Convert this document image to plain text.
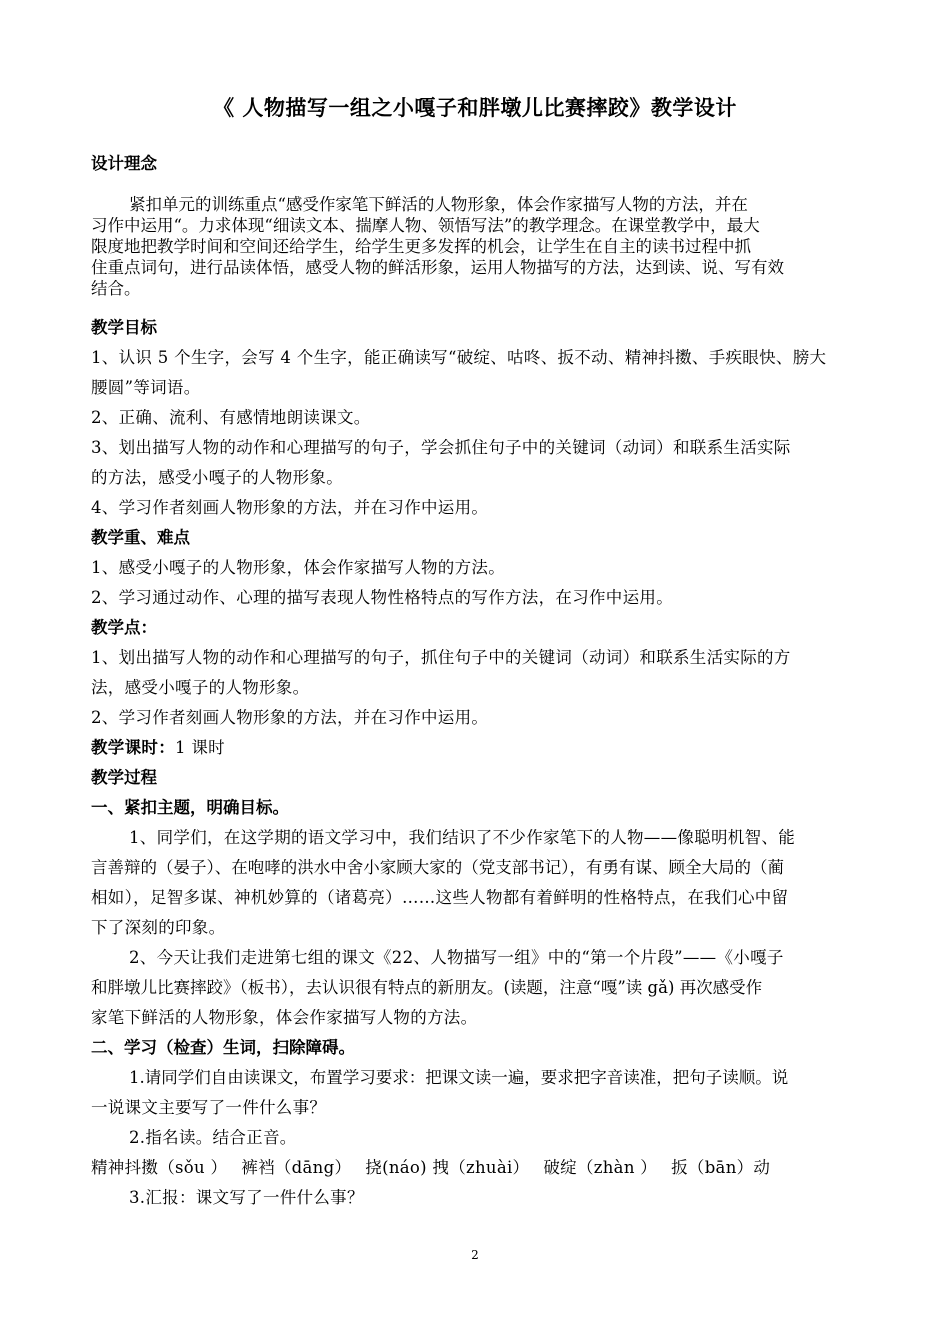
《 人物描写一组之小嘎子和胖墩儿比赛摔跤》教学设计
设计理念
紧扣单元的训练重点“感受作家笔下鲜活的人物形象，体会作家描写人物的方法，并在
习作中运用“。力求体现“细读文本、揣摩人物、领悟写法”的教学理念。在课堂教学中，最大
限度地把教学时间和空间还给学生，给学生更多发挥的机会，让学生在自主的读书过程中抓
住重点词句，进行品读体悟，感受人物的鲜活形象，运用人物描写的方法，达到读、说、写有效
结合。
教学目标
1、认识 5 个生字，会写 4 个生字，能正确读写“破绽、咕咚、扳不动、精神抖擞、手疾眼快、膀大
腰圆”等词语。
2、正确、流利、有感情地朗读课文。
3、划出描写人物的动作和心理描写的句子，学会抓住句子中的关键词（动词）和联系生活实际
的方法，感受小嘎子的人物形象。
4、学习作者刻画人物形象的方法，并在习作中运用。
教学重、难点
1、感受小嘎子的人物形象，体会作家描写人物的方法。
2、学习通过动作、心理的描写表现人物性格特点的写作方法，在习作中运用。
教学点：
1、划出描写人物的动作和心理描写的句子，抓住句子中的关键词（动词）和联系生活实际的方
法，感受小嘎子的人物形象。
2、学习作者刻画人物形象的方法，并在习作中运用。
教学课时：1 课时
教学过程
一、紧扣主题，明确目标。
1、同学们，在这学期的语文学习中，我们结识了不少作家笔下的人物——像聪明机智、能
言善辩的（晏子）、在咆哮的洪水中舍小家顾大家的（党支部书记），有勇有谋、顾全大局的（蔺
相如），足智多谋、神机妙算的（诸葛亮）……这些人物都有着鲜明的性格特点，在我们心中留
下了深刻的印象。
2、今天让我们走进第七组的课文《22、人物描写一组》中的“第一个片段”——《小嘎子
和胖墩儿比赛摔跤》（板书），去认识很有特点的新朋友。(读题，注意“嘎”读 gǎ) 再次感受作
家笔下鲜活的人物形象，体会作家描写人物的方法。
二、学习（检查）生词，扫除障碍。
1.请同学们自由读课文，布置学习要求：把课文读一遍，要求把字音读准，把句子读顺。说
一说课文主要写了一件什么事？
2.指名读。结合正音。
精神抖擞（sǒu ） 裤裆（dāng） 挠(náo) 拽（zhuài） 破绽（zhàn ） 扳（bān）动
3.汇报：课文写了一件什么事？
2
